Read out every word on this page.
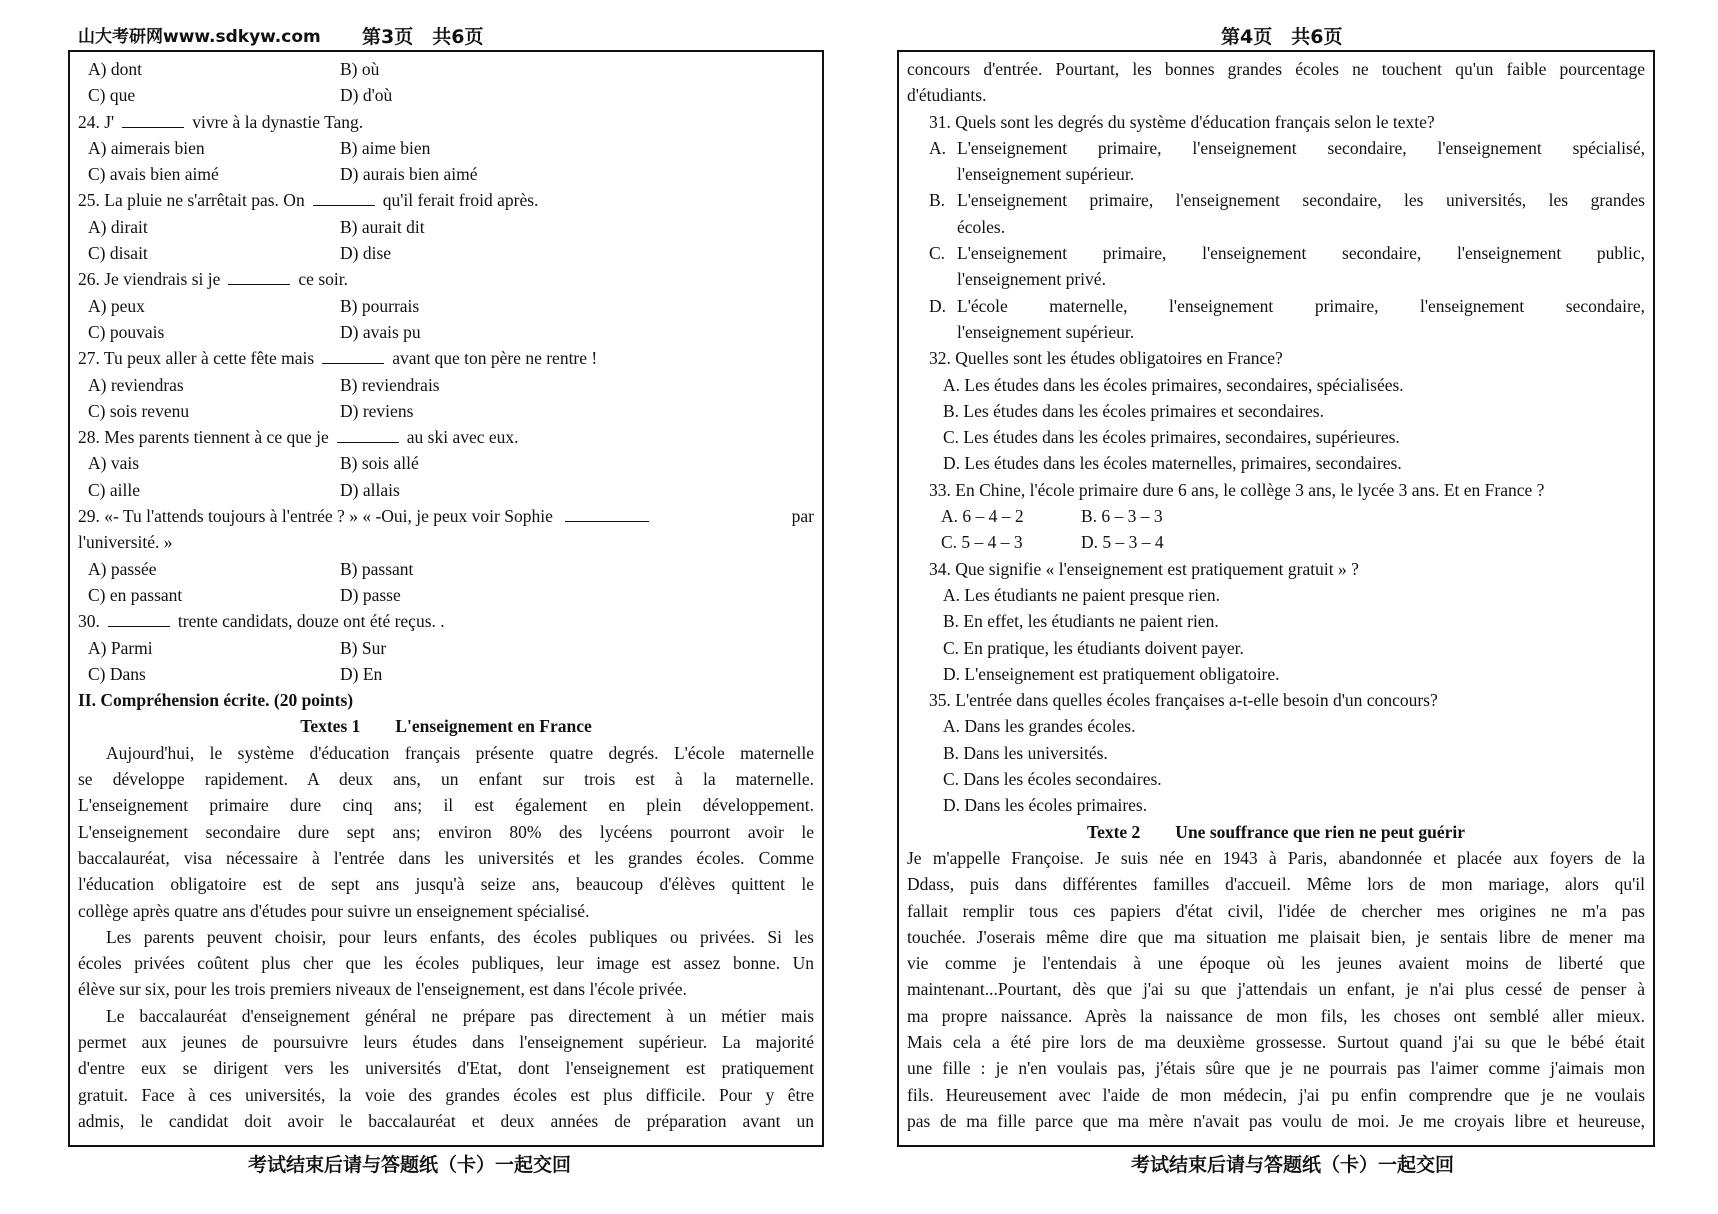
山大考研网www.sdkyw.com 第3页　共6页
A) dont	B) où
C) que	D) d'où
24. J'	vivre à la dynastie Tang.
A) aimerais bien	B) aime bien
C) avais bien aimé	D) aurais bien aimé
25. La pluie ne s'arrêtait pas. On	qu'il ferait froid après.
A) dirait	B) aurait dit
C) disait	D) dise
26. Je viendrais si je	ce soir.
A) peux	B) pourrais
C) pouvais	D) avais pu
27. Tu peux aller à cette fête mais	avant que ton père ne rentre !
A) reviendras	B) reviendrais
C) sois revenu	D) reviens
28. Mes parents tiennent à ce que je	au ski avec eux.
A) vais	B) sois allé
C) aille	D) allais
29. «- Tu l'attends toujours à l'entrée ? » « -Oui, je peux voir Sophie	par
l'université. »
A) passée	B) passant
C) en passant	D) passe
30.	trente candidats, douze ont été reçus. .
A) Parmi	B) Sur
C) Dans	D) En
II. Compréhension écrite. (20 points)
Textes 1　　L'enseignement en France
Aujourd'hui, le système d'éducation français présente quatre degrés. L'école maternelle
se développe rapidement. A deux ans, un enfant sur trois est à la maternelle.
L'enseignement primaire dure cinq ans; il est également en plein développement.
L'enseignement secondaire dure sept ans; environ 80% des lycéens pourront avoir le
baccalauréat, visa nécessaire à l'entrée dans les universités et les grandes écoles. Comme
l'éducation obligatoire est de sept ans jusqu'à seize ans, beaucoup d'élèves quittent le
collège après quatre ans d'études pour suivre un enseignement spécialisé.
Les parents peuvent choisir, pour leurs enfants, des écoles publiques ou privées. Si les
écoles privées coûtent plus cher que les écoles publiques, leur image est assez bonne. Un
élève sur six, pour les trois premiers niveaux de l'enseignement, est dans l'école privée.
Le baccalauréat d'enseignement général ne prépare pas directement à un métier mais
permet aux jeunes de poursuivre leurs études dans l'enseignement supérieur. La majorité
d'entre eux se dirigent vers les universités d'Etat, dont l'enseignement est pratiquement
gratuit. Face à ces universités, la voie des grandes écoles est plus difficile. Pour y être
admis, le candidat doit avoir le baccalauréat et deux années de préparation avant un
考试结束后请与答题纸（卡）一起交回
第4页　共6页
concours d'entrée. Pourtant, les bonnes grandes écoles ne touchent qu'un faible pourcentage
d'étudiants.
31. Quels sont les degrés du système d'éducation français selon le texte?
A. L'enseignement primaire, l'enseignement secondaire, l'enseignement spécialisé,
l'enseignement supérieur.
B. L'enseignement primaire, l'enseignement secondaire, les universités, les grandes
écoles.
C. L'enseignement primaire, l'enseignement secondaire, l'enseignement public,
l'enseignement privé.
D. L'école maternelle, l'enseignement primaire, l'enseignement secondaire,
l'enseignement supérieur.
32. Quelles sont les études obligatoires en France?
A. Les études dans les écoles primaires, secondaires, spécialisées.
B. Les études dans les écoles primaires et secondaires.
C. Les études dans les écoles primaires, secondaires, supérieures.
D. Les études dans les écoles maternelles, primaires, secondaires.
33. En Chine, l'école primaire dure 6 ans, le collège 3 ans, le lycée 3 ans. Et en France ?
A. 6 – 4 – 2	B. 6 – 3 – 3
C. 5 – 4 – 3	D. 5 – 3 – 4
34. Que signifie « l'enseignement est pratiquement gratuit » ?
A. Les étudiants ne paient presque rien.
B. En effet, les étudiants ne paient rien.
C. En pratique, les étudiants doivent payer.
D. L'enseignement est pratiquement obligatoire.
35. L'entrée dans quelles écoles françaises a-t-elle besoin d'un concours?
A. Dans les grandes écoles.
B. Dans les universités.
C. Dans les écoles secondaires.
D. Dans les écoles primaires.
Texte 2　　Une souffrance que rien ne peut guérir
Je m'appelle Françoise. Je suis née en 1943 à Paris, abandonnée et placée aux foyers de la
Ddass, puis dans différentes familles d'accueil. Même lors de mon mariage, alors qu'il
fallait remplir tous ces papiers d'état civil, l'idée de chercher mes origines ne m'a pas
touchée. J'oserais même dire que ma situation me plaisait bien, je sentais libre de mener ma
vie comme je l'entendais à une époque où les jeunes avaient moins de liberté que
maintenant...Pourtant, dès que j'ai su que j'attendais un enfant, je n'ai plus cessé de penser à
ma propre naissance. Après la naissance de mon fils, les choses ont semblé aller mieux.
Mais cela a été pire lors de ma deuxième grossesse. Surtout quand j'ai su que le bébé était
une fille : je n'en voulais pas, j'étais sûre que je ne pourrais pas l'aimer comme j'aimais mon
fils. Heureusement avec l'aide de mon médecin, j'ai pu enfin comprendre que je ne voulais
pas de ma fille parce que ma mère n'avait pas voulu de moi. Je me croyais libre et heureuse,
考试结束后请与答题纸（卡）一起交回
